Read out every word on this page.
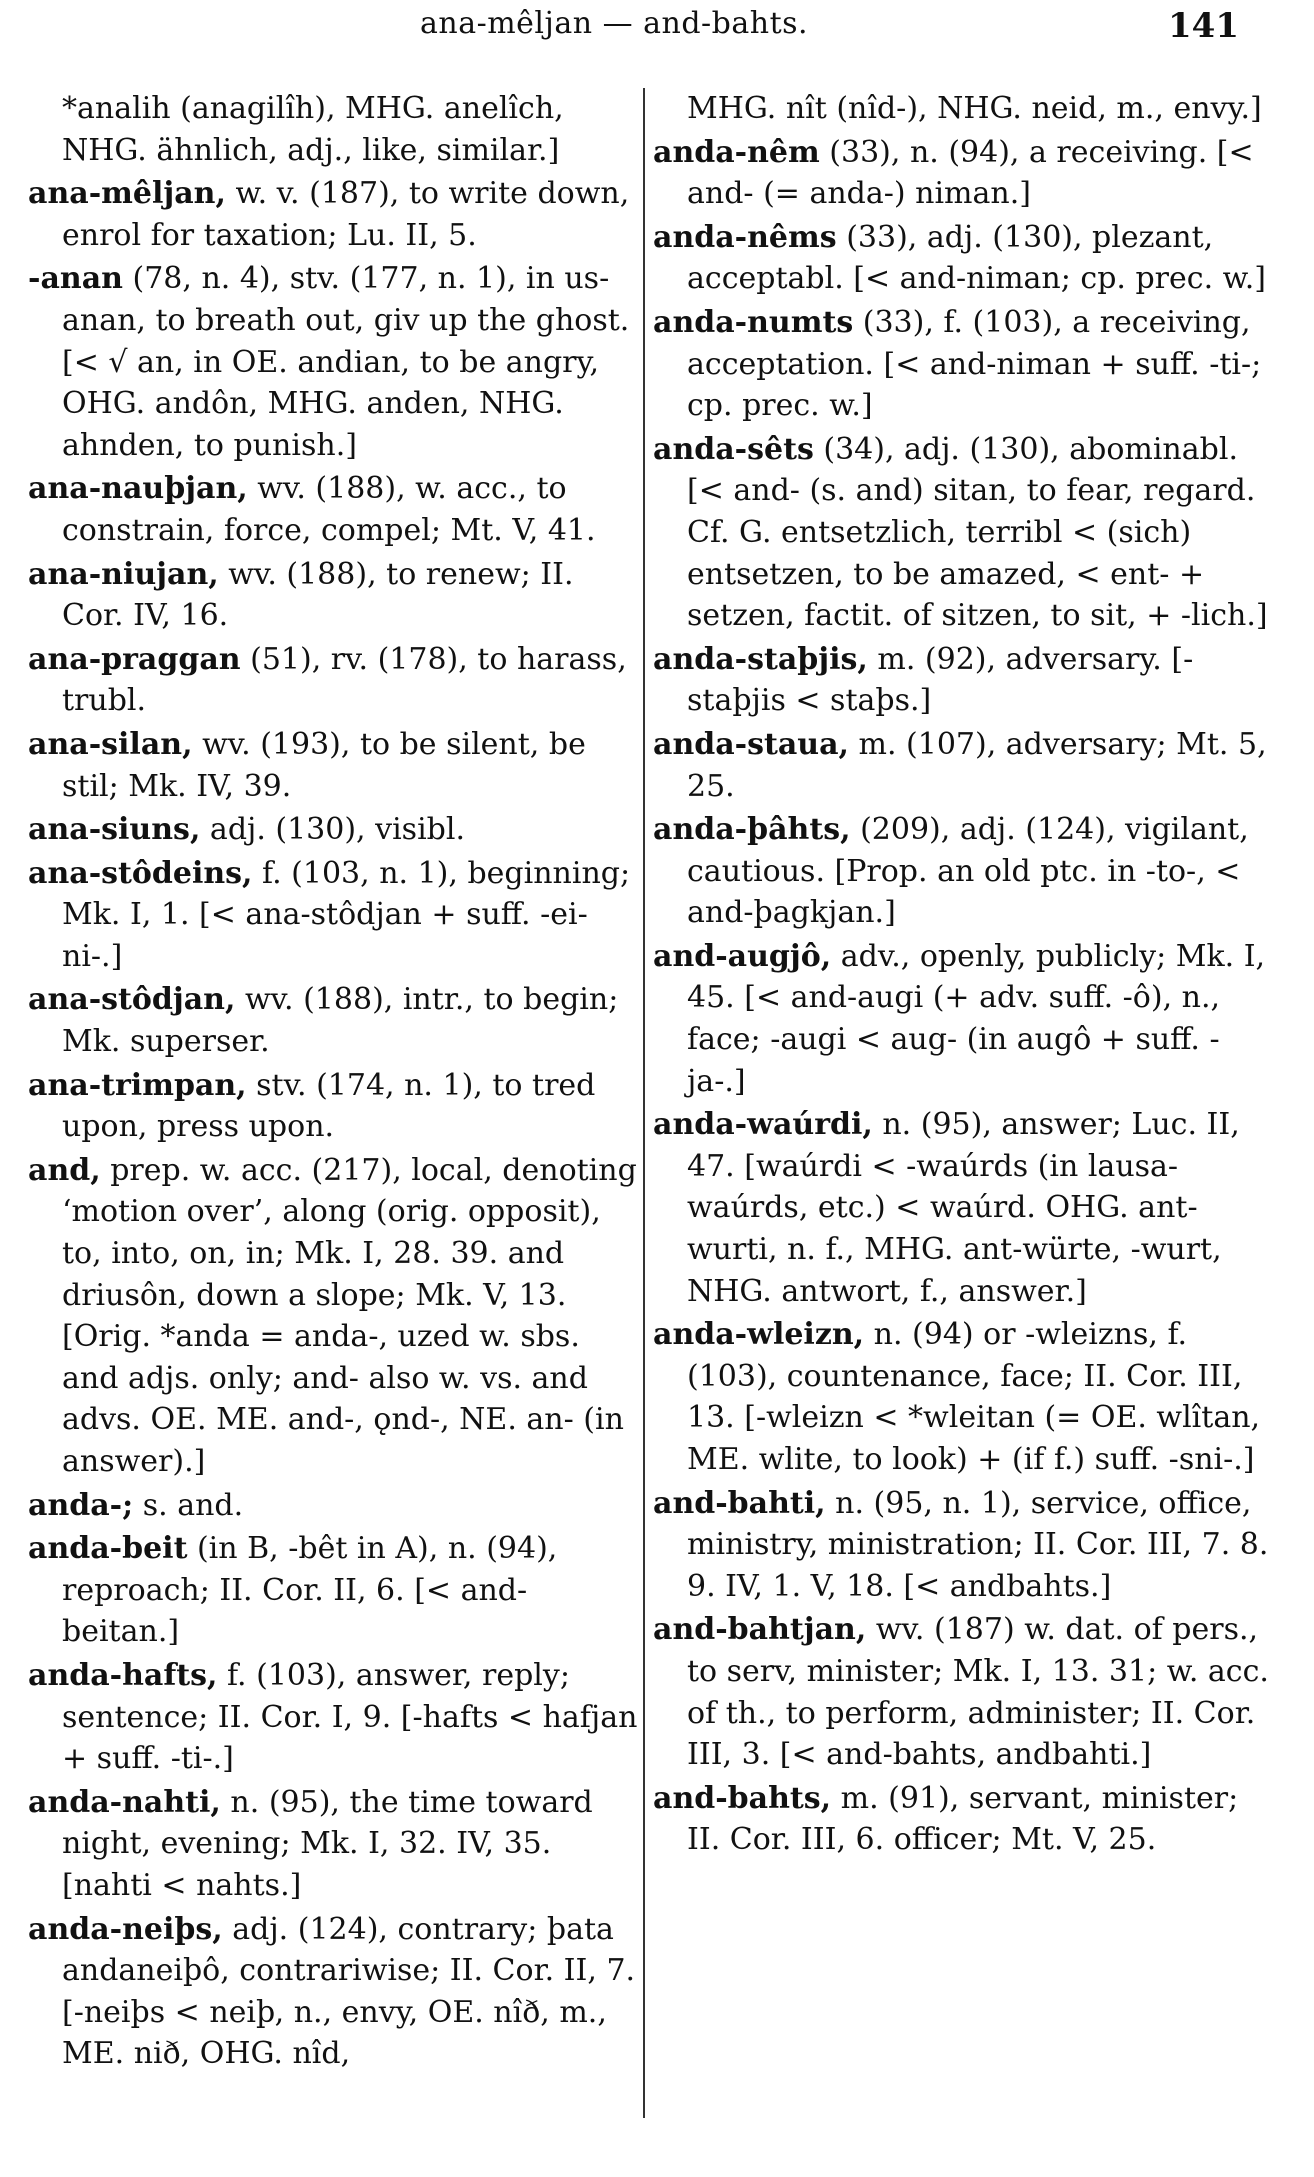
ana-mêljan — and-bahts.	141

*analih (anagilîh), MHG. anelîch, NHG. ähnlich, adj., like, similar.]

ana-mêljan, w. v. (187), to write down, enrol for taxation; Lu. II, 5.

-anan (78, n. 4), stv. (177, n. 1), in us-anan, to breath out, giv up the ghost. [< √ an, in OE. andian, to be angry, OHG. andôn, MHG. anden, NHG. ahnden, to punish.]

ana-nauþjan, wv. (188), w. acc., to constrain, force, compel; Mt. V, 41.

ana-niujan, wv. (188), to renew; II. Cor. IV, 16.

ana-praggan (51), rv. (178), to harass, trubl.

ana-silan, wv. (193), to be silent, be stil; Mk. IV, 39.

ana-siuns, adj. (130), visibl.

ana-stôdeins, f. (103, n. 1), beginning; Mk. I, 1. [< ana-stôdjan + suff. -ei-ni-.]

ana-stôdjan, wv. (188), intr., to begin; Mk. superser.

ana-trimpan, stv. (174, n. 1), to tred upon, press upon.

and, prep. w. acc. (217), local, denoting ‘motion over’, along (orig. opposit), to, into, on, in; Mk. I, 28. 39. and driusôn, down a slope; Mk. V, 13. [Orig. *anda = anda-, uzed w. sbs. and adjs. only; and- also w. vs. and advs. OE. ME. and-, ǫnd-, NE. an- (in answer).]

anda-; s. and.

anda-beit (in B, -bêt in A), n. (94), reproach; II. Cor. II, 6. [< and-beitan.]

anda-hafts, f. (103), answer, reply; sentence; II. Cor. I, 9. [-hafts < hafjan + suff. -ti-.]

anda-nahti, n. (95), the time toward night, evening; Mk. I, 32. IV, 35. [nahti < nahts.]

anda-neiþs, adj. (124), contrary; þata andaneiþô, contrariwise; II. Cor. II, 7. [-neiþs < neiþ, n., envy, OE. nîð, m., ME. nið, OHG. nîd,

MHG. nît (nîd-), NHG. neid, m., envy.]

anda-nêm (33), n. (94), a receiving. [< and- (= anda-) niman.]

anda-nêms (33), adj. (130), plezant, acceptabl. [< and-niman; cp. prec. w.]

anda-numts (33), f. (103), a receiving, acceptation. [< and-niman + suff. -ti-; cp. prec. w.]

anda-sêts (34), adj. (130), abominabl. [< and- (s. and) sitan, to fear, regard. Cf. G. entsetzlich, terribl < (sich) entsetzen, to be amazed, < ent- + setzen, factit. of sitzen, to sit, + -lich.]

anda-staþjis, m. (92), adversary. [-staþjis < staþs.]

anda-staua, m. (107), adversary; Mt. 5, 25.

anda-þâhts, (209), adj. (124), vigilant, cautious. [Prop. an old ptc. in -to-, < and-þagkjan.]

and-augjô, adv., openly, publicly; Mk. I, 45. [< and-augi (+ adv. suff. -ô), n., face; -augi < aug- (in augô + suff. -ja-.]

anda-waúrdi, n. (95), answer; Luc. II, 47. [waúrdi < -waúrds (in lausa-waúrds, etc.) < waúrd. OHG. ant-wurti, n. f., MHG. ant-würte, -wurt, NHG. antwort, f., answer.]

anda-wleizn, n. (94) or -wleizns, f. (103), countenance, face; II. Cor. III, 13. [-wleizn < *wleitan (= OE. wlîtan, ME. wlite, to look) + (if f.) suff. -sni-.]

and-bahti, n. (95, n. 1), service, office, ministry, ministration; II. Cor. III, 7. 8. 9. IV, 1. V, 18. [< andbahts.]

and-bahtjan, wv. (187) w. dat. of pers., to serv, minister; Mk. I, 13. 31; w. acc. of th., to perform, administer; II. Cor. III, 3. [< and-bahts, andbahti.]

and-bahts, m. (91), servant, minister; II. Cor. III, 6. officer; Mt. V, 25.
